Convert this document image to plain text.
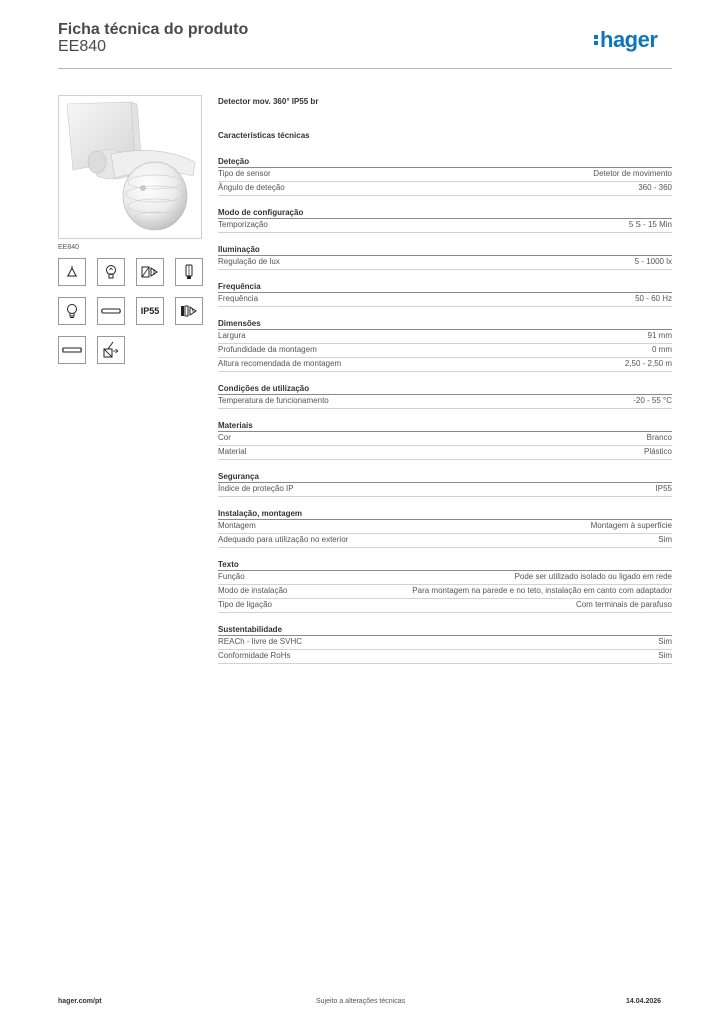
Ficha técnica do produto
EE840	hager
EE840
IP55
Detector mov. 360° IP55 br
Características técnicas
Deteção
Tipo de sensor	Detetor de movimento
Ângulo de deteção	360 - 360
Modo de configuração
Temporização	5 S - 15 Min
Iluminação
Regulação de lux	5 - 1000 lx
Frequência
Frequência	50 - 60 Hz
Dimensões
Largura	91 mm
Profundidade da montagem	0 mm
Altura recomendada de montagem	2,50 - 2,50 m
Condições de utilização
Temperatura de funcionamento	-20 - 55 °C
Materiais
Cor	Branco
Material	Plástico
Segurança
Índice de proteção IP	IP55
Instalação, montagem
Montagem	Montagem à superfície
Adequado para utilização no exterior	Sim
Texto
Função	Pode ser utilizado isolado ou ligado em rede
Modo de instalação	Para montagem na parede e no teto, instalação em canto com adaptador
Tipo de ligação	Com terminais de parafuso
Sustentabilidade
REACh - livre de SVHC	Sim
Conformidade RoHs	Sim
hager.com/pt	Sujeito a alterações técnicas	14.04.2026
